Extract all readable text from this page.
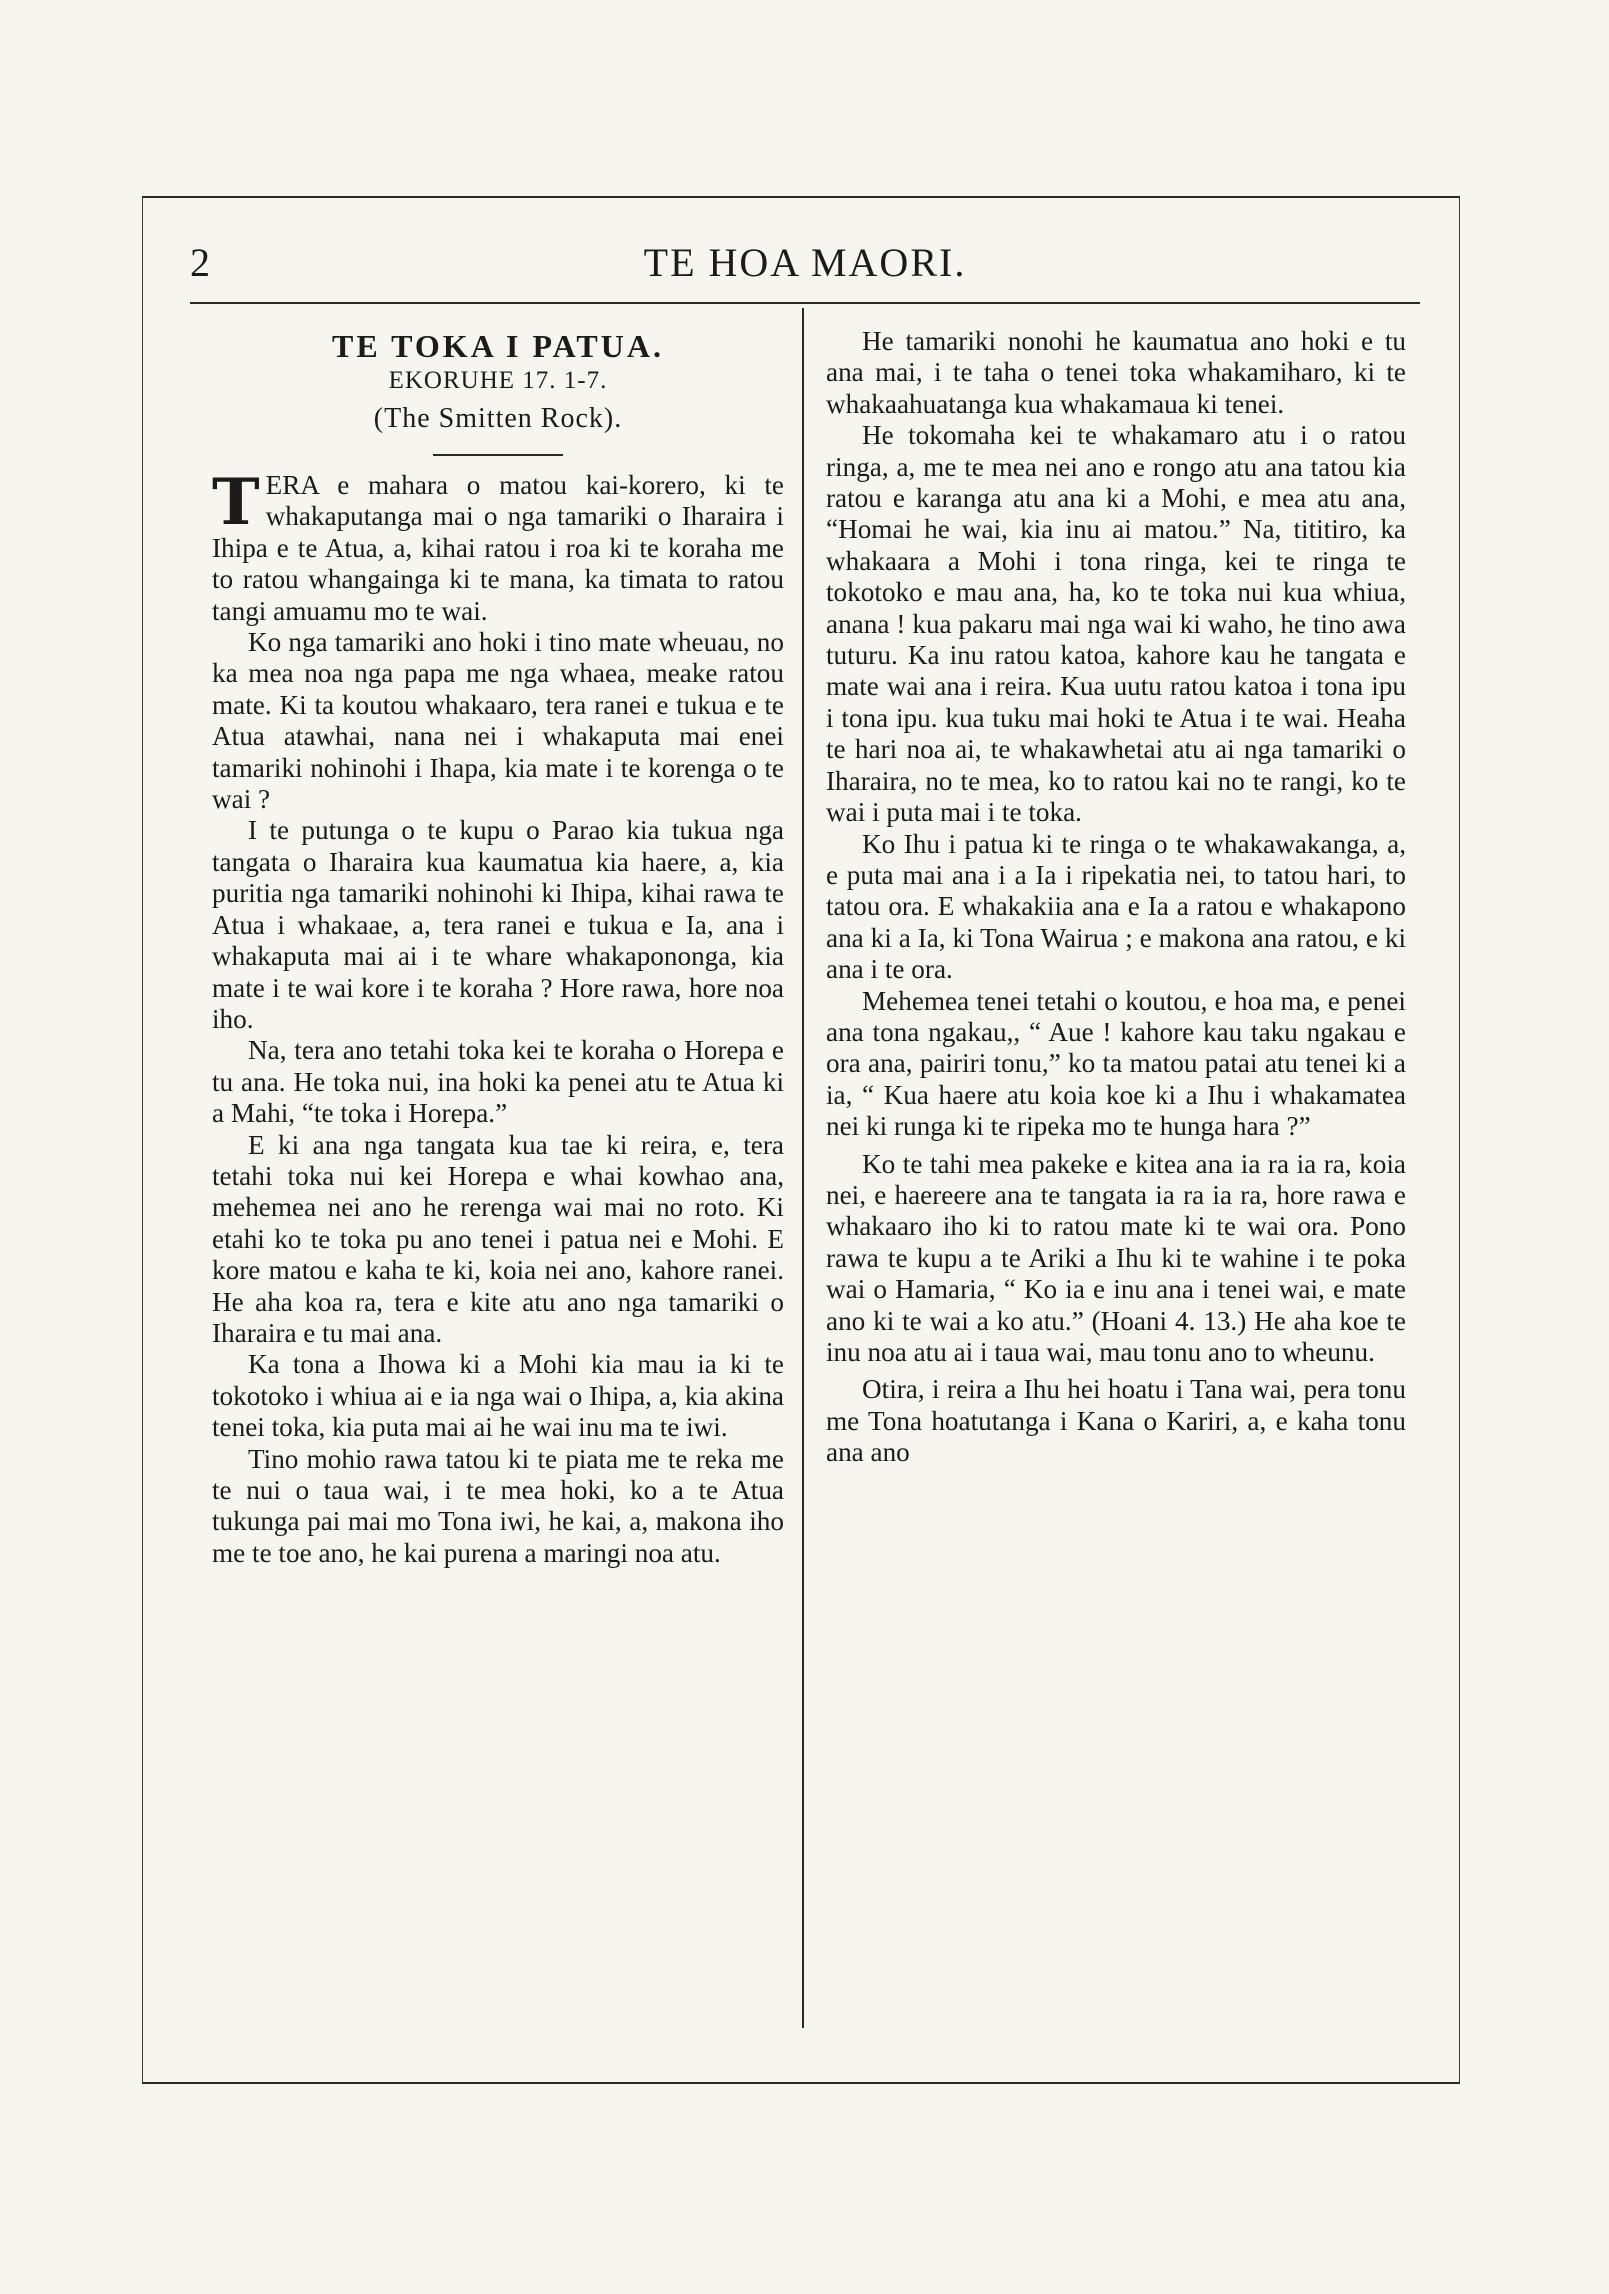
2	TE HOA MAORI.
TE TOKA I PATUA.
EKORUHE 17. 1-7.
(The Smitten Rock).

TERA e mahara o matou kai-korero, ki te whakaputanga mai o nga tamariki o Iharaira i Ihipa e te Atua, a, kihai ratou i roa ki te koraha me to ratou whangainga ki te mana, ka timata to ratou tangi amuamu mo te wai.

Ko nga tamariki ano hoki i tino mate wheuau, no ka mea noa nga papa me nga whaea, meake ratou mate. Ki ta koutou whakaaro, tera ranei e tukua e te Atua atawhai, nana nei i whakaputa mai enei tamariki nohinohi i Ihapa, kia mate i te korenga o te wai ?

I te putunga o te kupu o Parao kia tukua nga tangata o Iharaira kua kaumatua kia haere, a, kia puritia nga tamariki nohinohi ki Ihipa, kihai rawa te Atua i whakaae, a, tera ranei e tukua e Ia, ana i whakaputa mai ai i te whare whakapononga, kia mate i te wai kore i te koraha ? Hore rawa, hore noa iho.

Na, tera ano tetahi toka kei te koraha o Horepa e tu ana. He toka nui, ina hoki ka penei atu te Atua ki a Mahi, “te toka i Horepa.”

E ki ana nga tangata kua tae ki reira, e, tera tetahi toka nui kei Horepa e whai kowhao ana, mehemea nei ano he rerenga wai mai no roto. Ki etahi ko te toka pu ano tenei i patua nei e Mohi. E kore matou e kaha te ki, koia nei ano, kahore ranei. He aha koa ra, tera e kite atu ano nga tamariki o Iharaira e tu mai ana.

Ka tona a Ihowa ki a Mohi kia mau ia ki te tokotoko i whiua ai e ia nga wai o Ihipa, a, kia akina tenei toka, kia puta mai ai he wai inu ma te iwi.

Tino mohio rawa tatou ki te piata me te reka me te nui o taua wai, i te mea hoki, ko a te Atua tukunga pai mai mo Tona iwi, he kai, a, makona iho me te toe ano, he kai purena a maringi noa atu.

He tamariki nonohi he kaumatua ano hoki e tu ana mai, i te taha o tenei toka whakamiharo, ki te whakaahuatanga kua whakamaua ki tenei.

He tokomaha kei te whakamaro atu i o ratou ringa, a, me te mea nei ano e rongo atu ana tatou kia ratou e karanga atu ana ki a Mohi, e mea atu ana, “Homai he wai, kia inu ai matou.” Na, tititiro, ka whakaara a Mohi i tona ringa, kei te ringa te tokotoko e mau ana, ha, ko te toka nui kua whiua, anana ! kua pakaru mai nga wai ki waho, he tino awa tuturu. Ka inu ratou katoa, kahore kau he tangata e mate wai ana i reira. Kua uutu ratou katoa i tona ipu i tona ipu. kua tuku mai hoki te Atua i te wai. Heaha te hari noa ai, te whakawhetai atu ai nga tamariki o Iharaira, no te mea, ko to ratou kai no te rangi, ko te wai i puta mai i te toka.

Ko Ihu i patua ki te ringa o te whakawakanga, a, e puta mai ana i a Ia i ripekatia nei, to tatou hari, to tatou ora. E whakakiia ana e Ia a ratou e whakapono ana ki a Ia, ki Tona Wairua ; e makona ana ratou, e ki ana i te ora.

Mehemea tenei tetahi o koutou, e hoa ma, e penei ana tona ngakau,, “ Aue ! kahore kau taku ngakau e ora ana, pairiri tonu,” ko ta matou patai atu tenei ki a ia, “ Kua haere atu koia koe ki a Ihu i whakamatea nei ki runga ki te ripeka mo te hunga hara ?”

Ko te tahi mea pakeke e kitea ana ia ra ia ra, koia nei, e haereere ana te tangata ia ra ia ra, hore rawa e whakaaro iho ki to ratou mate ki te wai ora. Pono rawa te kupu a te Ariki a Ihu ki te wahine i te poka wai o Hamaria, “ Ko ia e inu ana i tenei wai, e mate ano ki te wai a ko atu.” (Hoani 4. 13.) He aha koe te inu noa atu ai i taua wai, mau tonu ano to wheunu.

Otira, i reira a Ihu hei hoatu i Tana wai, pera tonu me Tona hoatutanga i Kana o Kariri, a, e kaha tonu ana ano
